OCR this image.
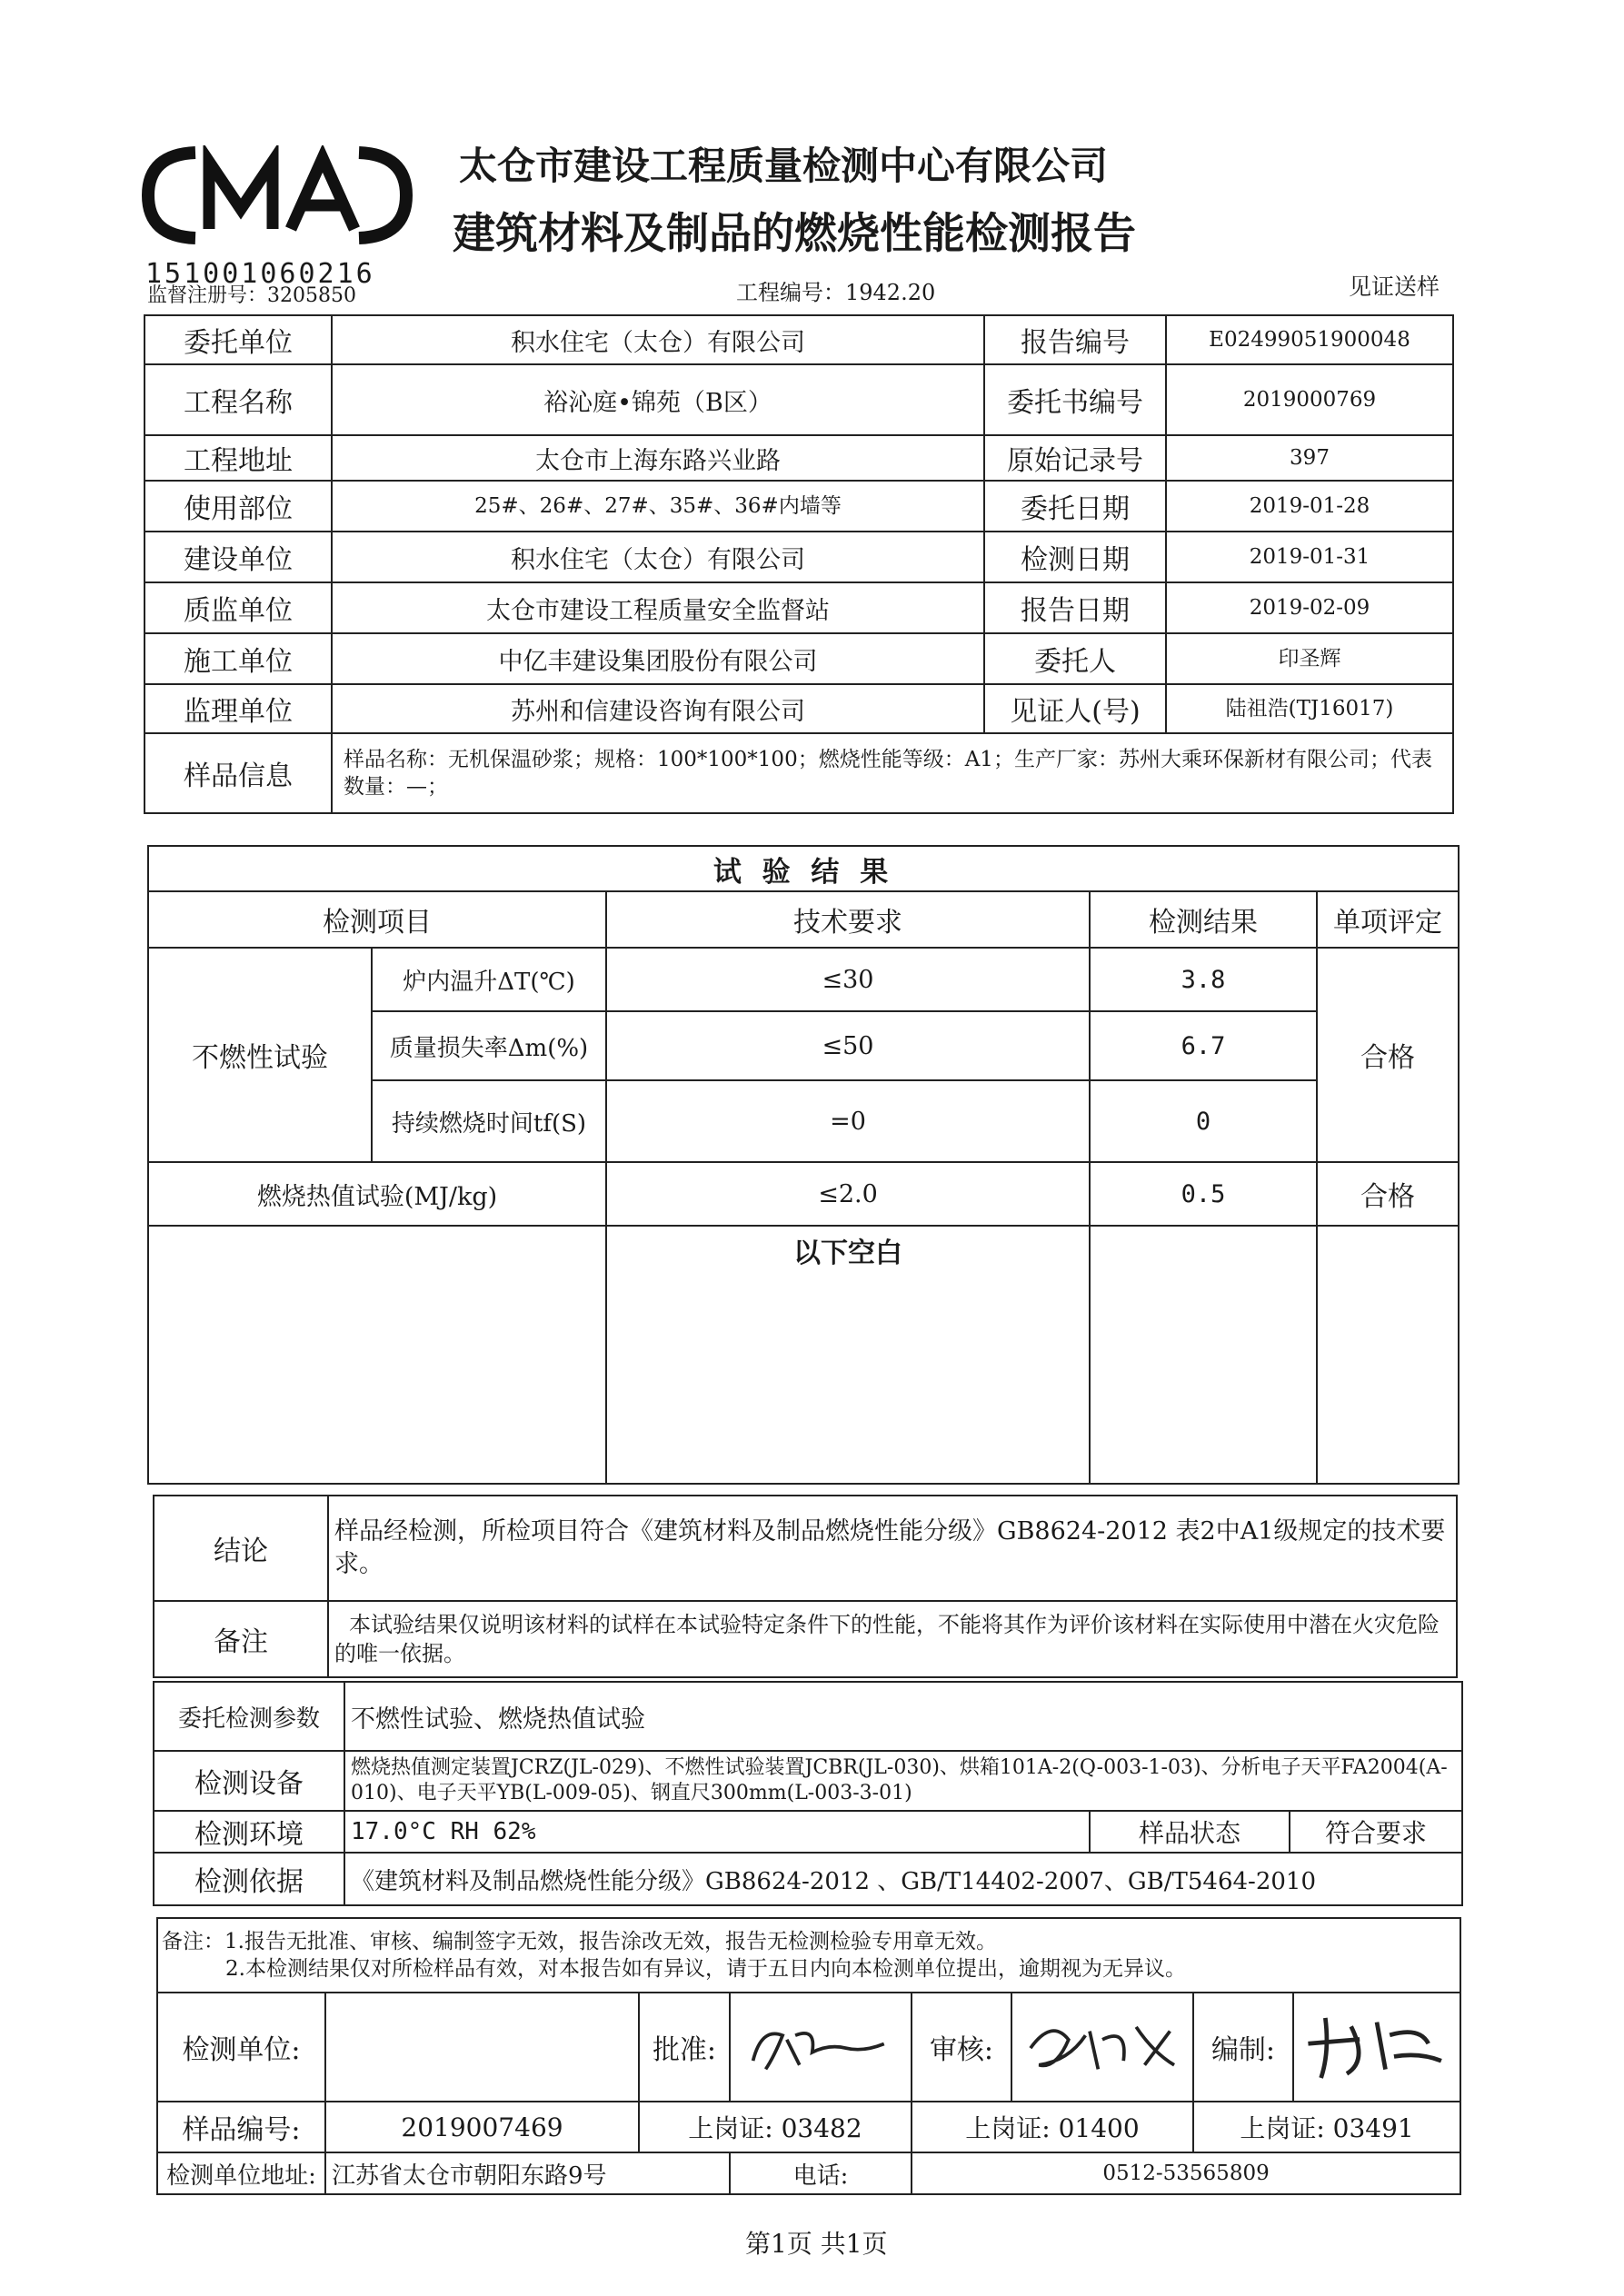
151001060216
太仓市建设工程质量检测中心有限公司
建筑材料及制品的燃烧性能检测报告
监督注册号：3205850	工程编号：1942.20	见证送样
委托单位	积水住宅（太仓）有限公司	报告编号	E02499051900048
工程名称	裕沁庭•锦苑（B区）	委托书编号	2019000769
工程地址	太仓市上海东路兴业路	原始记录号	397
使用部位	25#、26#、27#、35#、36#内墙等	委托日期	2019-01-28
建设单位	积水住宅（太仓）有限公司	检测日期	2019-01-31
质监单位	太仓市建设工程质量安全监督站	报告日期	2019-02-09
施工单位	中亿丰建设集团股份有限公司	委托人	印圣辉
监理单位	苏州和信建设咨询有限公司	见证人(号)	陆祖浩(TJ16017)
样品信息	样品名称：无机保温砂浆；规格：100*100*100；燃烧性能等级：A1；生产厂家：苏州大乘环保新材有限公司；代表数量：—；		
试 验 结 果				
检测项目		技术要求	检测结果	单项评定
不燃性试验	炉内温升ΔT(℃)	≤30	3.8	合格
	质量损失率Δm(%)	≤50	6.7	
	持续燃烧时间tf(S)	=0	0	
燃烧热值试验(MJ/kg)		≤2.0	0.5	合格
		以下空白		
结论	样品经检测，所检项目符合《建筑材料及制品燃烧性能分级》GB8624-2012 表2中A1级规定的技术要求。
备注	本试验结果仅说明该材料的试样在本试验特定条件下的性能，不能将其作为评价该材料在实际使用中潜在火灾危险的唯一依据。
委托检测参数	不燃性试验、燃烧热值试验		
检测设备	燃烧热值测定装置JCRZ(JL-029)、不燃性试验装置JCBR(JL-030)、烘箱101A-2(Q-003-1-03)、分析电子天平FA2004(A-010)、电子天平YB(L-009-05)、钢直尺300mm(L-003-3-01)		
检测环境	17.0°C RH 62%	样品状态	符合要求
检测依据	《建筑材料及制品燃烧性能分级》GB8624-2012 、GB/T14402-2007、GB/T5464-2010		
备注：1.报告无批准、审核、编制签字无效，报告涂改无效，报告无检测检验专用章无效。
2.本检测结果仅对所检样品有效，对本报告如有异议，请于五日内向本检测单位提出，逾期视为无异议。							

检测单位:		批准:		审核:		编制:	
样品编号:	2019007469	上岗证: 03482		上岗证: 01400		上岗证: 03491	
检测单位地址:	江苏省太仓市朝阳东路9号		电话:	0512-53565809			
第1页 共1页
